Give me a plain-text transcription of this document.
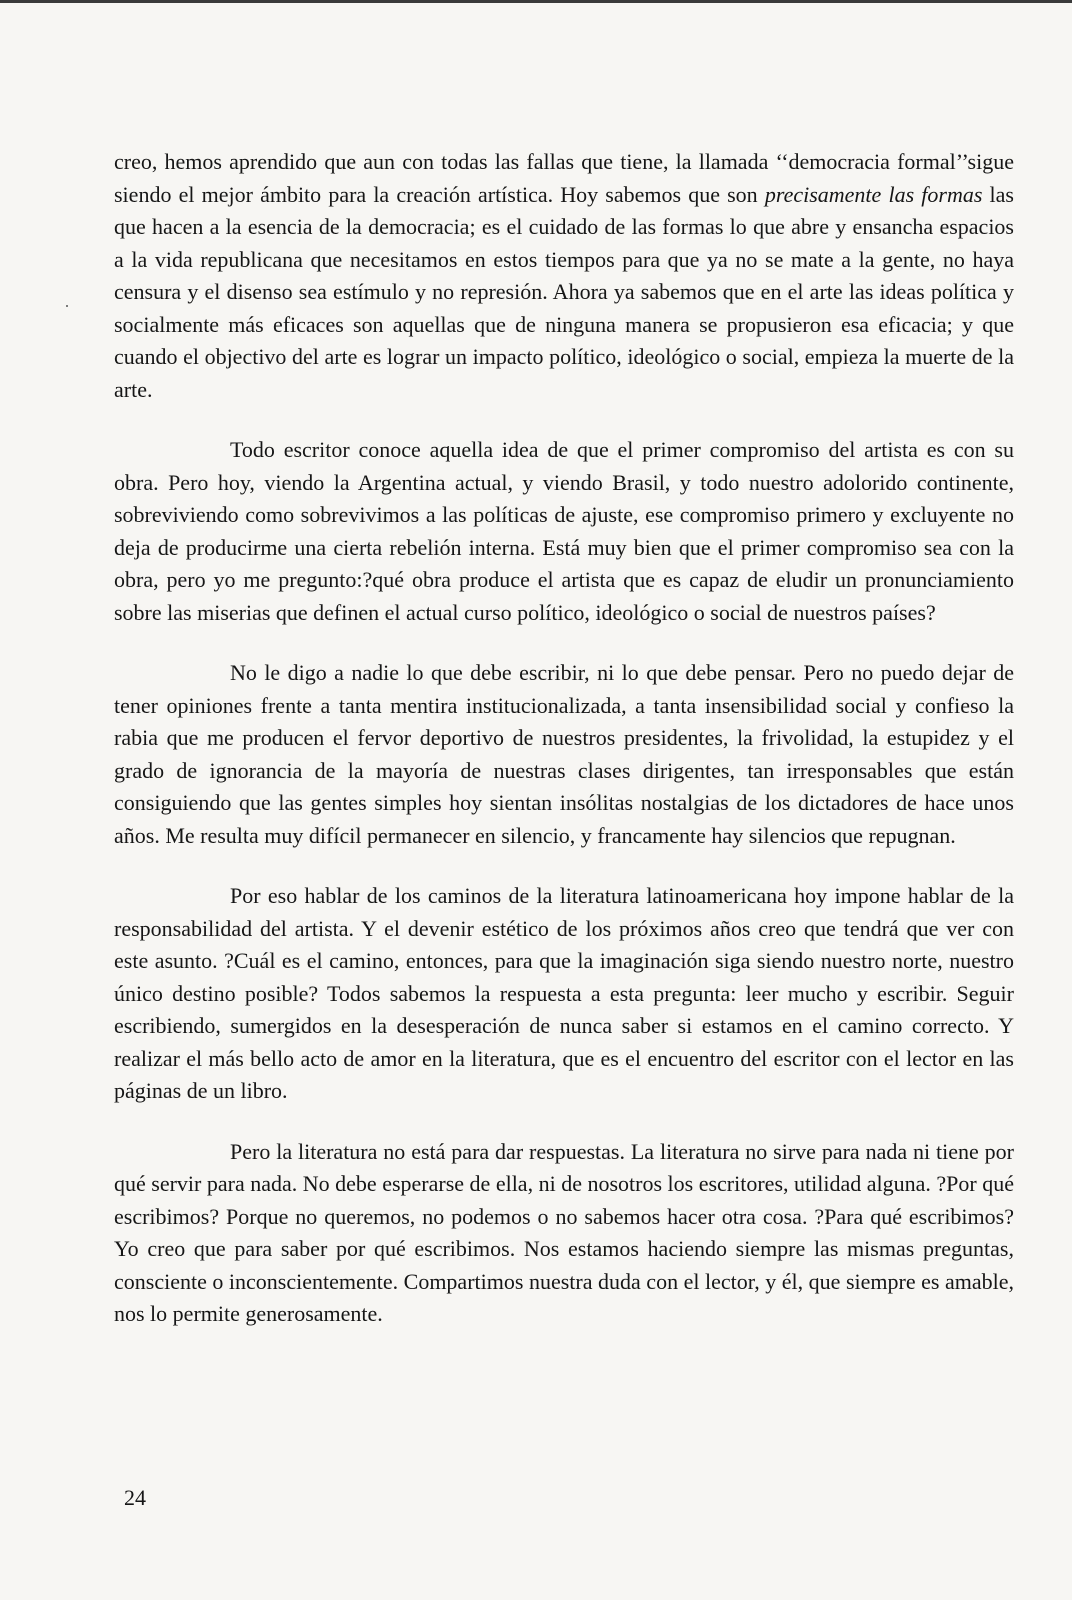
creo, hemos aprendido que aun con todas las fallas que tiene, la llamada ‘‘democracia formal’’sigue siendo el mejor ámbito para la creación artística. Hoy sabemos que son precisamente las formas las que hacen a la esencia de la democracia; es el cuidado de las formas lo que abre y ensancha espacios a la vida republicana que necesitamos en estos tiempos para que ya no se mate a la gente, no haya censura y el disenso sea estímulo y no represión. Ahora ya sabemos que en el arte las ideas política y socialmente más eficaces son aquellas que de ninguna manera se propusieron esa eficacia; y que cuando el objectivo del arte es lograr un impacto político, ideológico o social, empieza la muerte de la arte.

Todo escritor conoce aquella idea de que el primer compromiso del artista es con su obra. Pero hoy, viendo la Argentina actual, y viendo Brasil, y todo nuestro adolorido continente, sobreviviendo como sobrevivimos a las políticas de ajuste, ese compromiso primero y excluyente no deja de producirme una cierta rebelión interna. Está muy bien que el primer compromiso sea con la obra, pero yo me pregunto:?qué obra produce el artista que es capaz de eludir un pronunciamiento sobre las miserias que definen el actual curso político, ideológico o social de nuestros países?

No le digo a nadie lo que debe escribir, ni lo que debe pensar. Pero no puedo dejar de tener opiniones frente a tanta mentira institucionalizada, a tanta insensibilidad social y confieso la rabia que me producen el fervor deportivo de nuestros presidentes, la frivolidad, la estupidez y el grado de ignorancia de la mayoría de nuestras clases dirigentes, tan irresponsables que están consiguiendo que las gentes simples hoy sientan insólitas nostalgias de los dictadores de hace unos años. Me resulta muy difícil permanecer en silencio, y francamente hay silencios que repugnan.

Por eso hablar de los caminos de la literatura latinoamericana hoy impone hablar de la responsabilidad del artista. Y el devenir estético de los próximos años creo que tendrá que ver con este asunto. ?Cuál es el camino, entonces, para que la imaginación siga siendo nuestro norte, nuestro único destino posible? Todos sabemos la respuesta a esta pregunta: leer mucho y escribir. Seguir escribiendo, sumergidos en la desesperación de nunca saber si estamos en el camino correcto. Y realizar el más bello acto de amor en la literatura, que es el encuentro del escritor con el lector en las páginas de un libro.

Pero la literatura no está para dar respuestas. La literatura no sirve para nada ni tiene por qué servir para nada. No debe esperarse de ella, ni de nosotros los escritores, utilidad alguna. ?Por qué escribimos? Porque no queremos, no podemos o no sabemos hacer otra cosa. ?Para qué escribimos? Yo creo que para saber por qué escribimos. Nos estamos haciendo siempre las mismas preguntas, consciente o inconscientemente. Compartimos nuestra duda con el lector, y él, que siempre es amable, nos lo permite generosamente.

24
